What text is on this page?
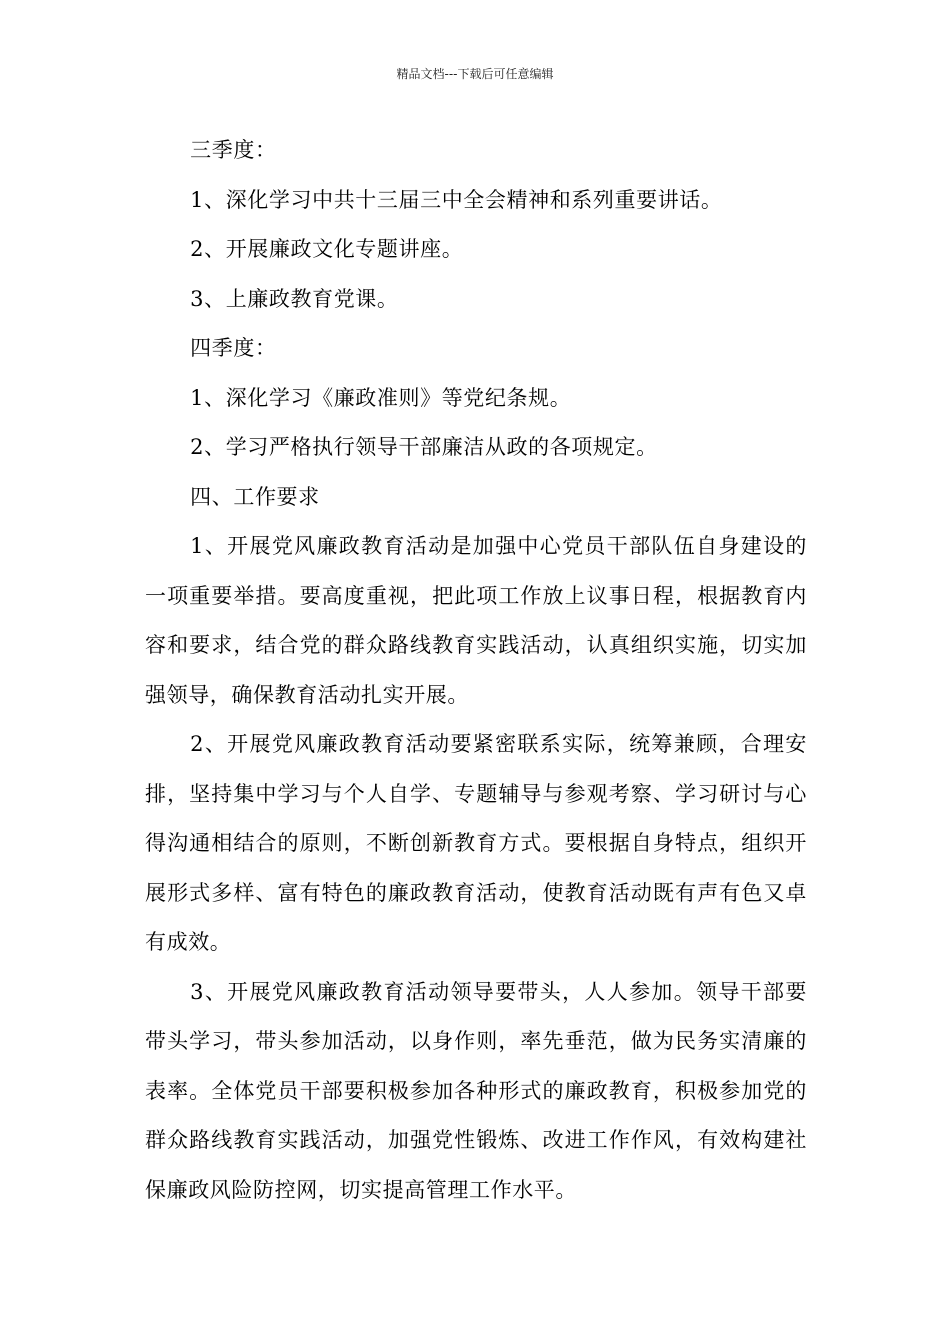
精品文档---下载后可任意编辑

三季度：

1、深化学习中共十三届三中全会精神和系列重要讲话。

2、开展廉政文化专题讲座。

3、上廉政教育党课。

四季度：

1、深化学习《廉政准则》等党纪条规。

2、学习严格执行领导干部廉洁从政的各项规定。

四、工作要求

1、开展党风廉政教育活动是加强中心党员干部队伍自身建设的一项重要举措。要高度重视，把此项工作放上议事日程，根据教育内容和要求，结合党的群众路线教育实践活动，认真组织实施，切实加强领导，确保教育活动扎实开展。

2、开展党风廉政教育活动要紧密联系实际，统筹兼顾，合理安排，坚持集中学习与个人自学、专题辅导与参观考察、学习研讨与心得沟通相结合的原则，不断创新教育方式。要根据自身特点，组织开展形式多样、富有特色的廉政教育活动，使教育活动既有声有色又卓有成效。

3、开展党风廉政教育活动领导要带头，人人参加。领导干部要带头学习，带头参加活动，以身作则，率先垂范，做为民务实清廉的表率。全体党员干部要积极参加各种形式的廉政教育，积极参加党的群众路线教育实践活动，加强党性锻炼、改进工作作风，有效构建社保廉政风险防控网，切实提高管理工作水平。
